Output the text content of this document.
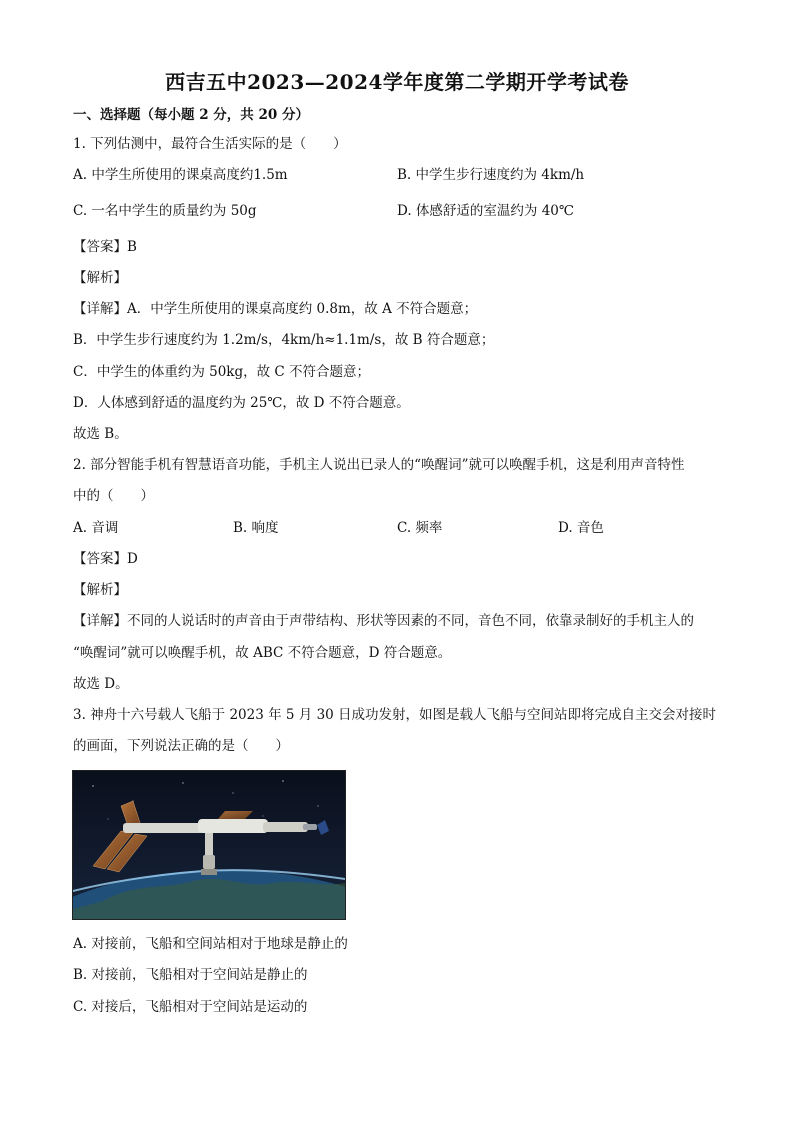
西吉五中2023—2024学年度第二学期开学考试卷
一、选择题（每小题 2 分，共 20 分）
1. 下列估测中，最符合生活实际的是（　　）
A. 中学生所使用的课桌高度约1.5m	B. 中学生步行速度约为 4km/h
C. 一名中学生的质量约为 50g	D. 体感舒适的室温约为 40℃
【答案】B
【解析】
【详解】A．中学生所使用的课桌高度约 0.8m，故 A 不符合题意；
B．中学生步行速度约为 1.2m/s，4km/h≈1.1m/s，故 B 符合题意；
C．中学生的体重约为 50kg，故 C 不符合题意；
D．人体感到舒适的温度约为 25℃，故 D 不符合题意。
故选 B。
2. 部分智能手机有智慧语音功能，手机主人说出已录人的“唤醒词”就可以唤醒手机，这是利用声音特性
中的（　　）
A. 音调	B. 响度	C. 频率	D. 音色
【答案】D
【解析】
【详解】不同的人说话时的声音由于声带结构、形状等因素的不同，音色不同，依靠录制好的手机主人的
“唤醒词”就可以唤醒手机，故 ABC 不符合题意，D 符合题意。
故选 D。
3. 神舟十六号载人飞船于 2023 年 5 月 30 日成功发射，如图是载人飞船与空间站即将完成自主交会对接时
的画面，下列说法正确的是（　　）
A. 对接前，飞船和空间站相对于地球是静止的
B. 对接前，飞船相对于空间站是静止的
C. 对接后，飞船相对于空间站是运动的
